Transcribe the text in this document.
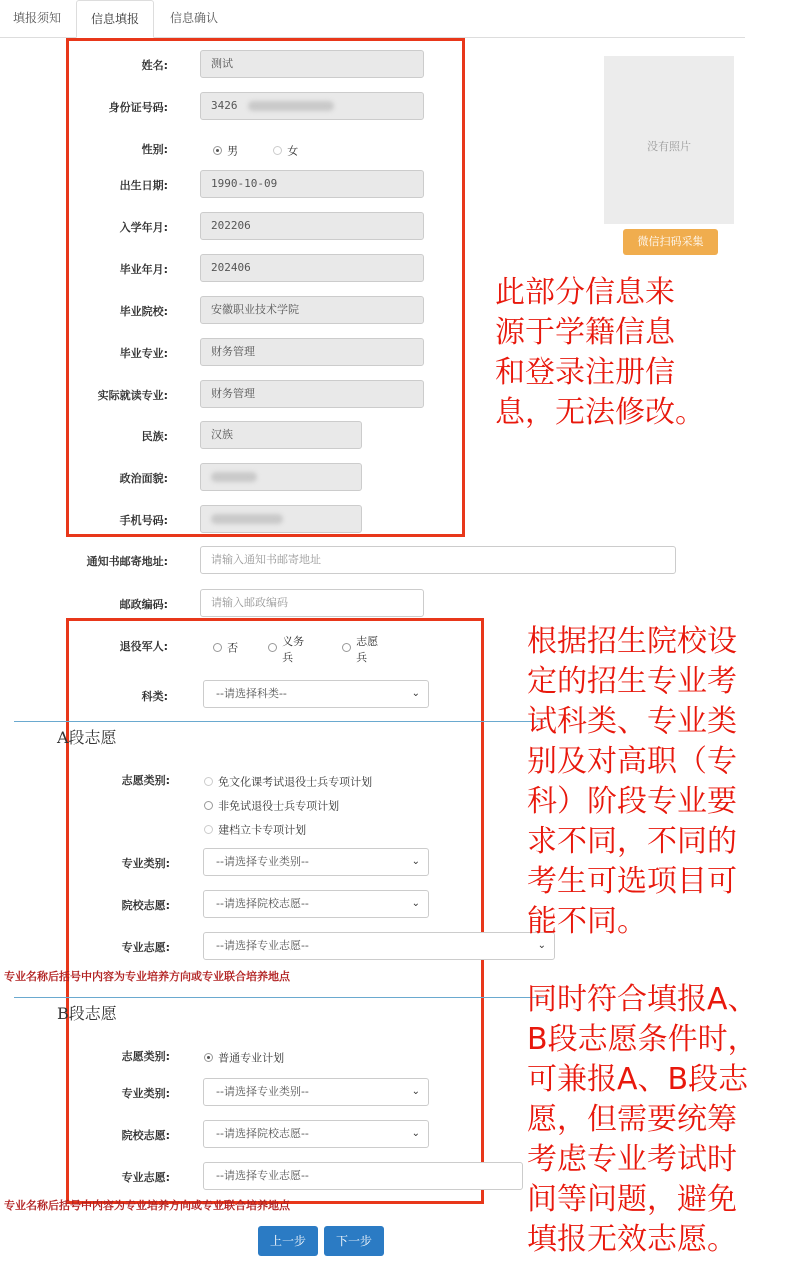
填报须知	信息填报	信息确认
姓名:	测试
身份证号码:	3426
性别:	男	女
出生日期:	1990-10-09
入学年月:	202206
毕业年月:	202406
毕业院校:	安徽职业技术学院
毕业专业:	财务管理
实际就读专业:	财务管理
民族:	汉族
政治面貌:
手机号码:
没有照片
微信扫码采集
通知书邮寄地址:	请输入通知书邮寄地址
邮政编码:	请输入邮政编码
退役军人:	否	义务兵
志愿兵
科类:	--请选择科类--	⌄
A段志愿
志愿类别:	免文化课考试退役士兵专项计划
非免试退役士兵专项计划
建档立卡专项计划
专业类别:	--请选择专业类别--	⌄
院校志愿:	--请选择院校志愿--	⌄
专业志愿:	--请选择专业志愿--	⌄
专业名称后括号中内容为专业培养方向或专业联合培养地点
B段志愿
志愿类别:	普通专业计划
专业类别:	--请选择专业类别--	⌄
院校志愿:	--请选择院校志愿--	⌄
专业志愿:	--请选择专业志愿--
专业名称后括号中内容为专业培养方向或专业联合培养地点
上一步	下一步
此部分信息来
源于学籍信息
和登录注册信
息，无法修改。
根据招生院校设
定的招生专业考
试科类、专业类
别及对高职（专
科）阶段专业要
求不同，不同的
考生可选项目可
能不同。
同时符合填报A、
B段志愿条件时，
可兼报A、B段志
愿，但需要统筹
考虑专业考试时
间等问题，避免
填报无效志愿。
